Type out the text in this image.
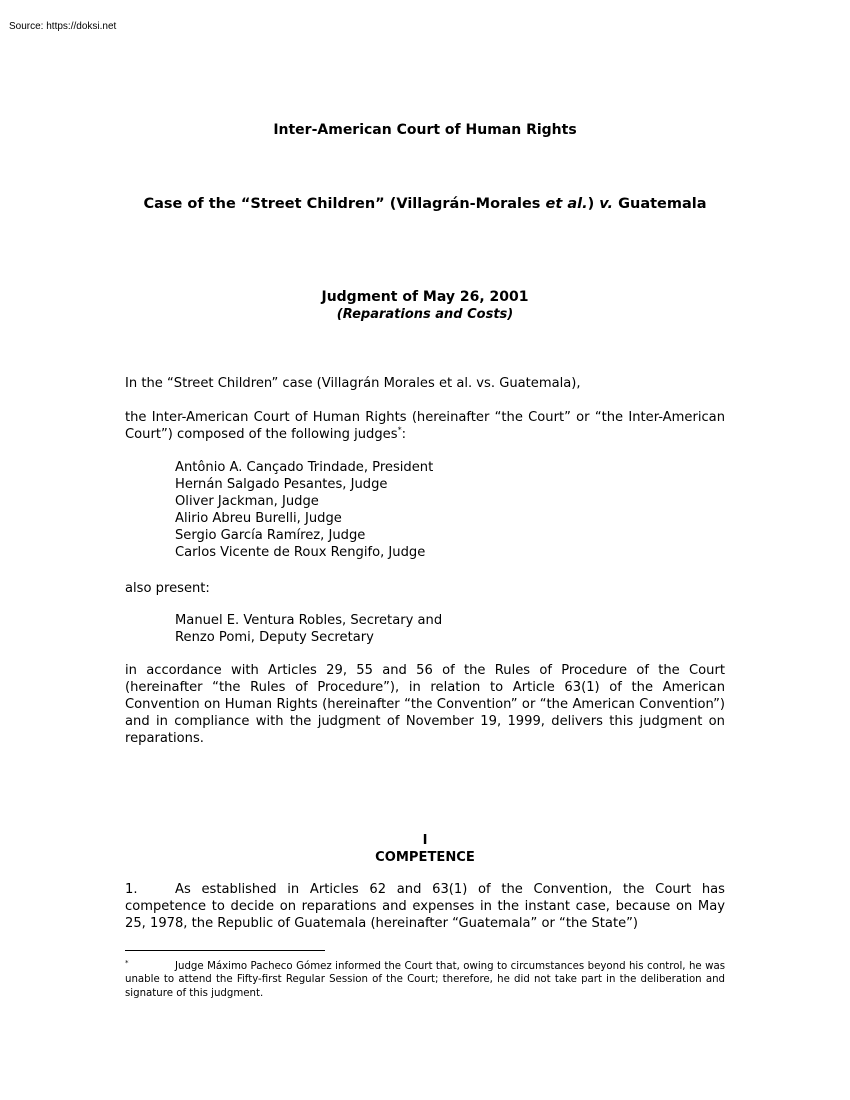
Source: https://doksi.net
Inter-American Court of Human Rights
Case of the “Street Children” (Villagrán-Morales et al.) v. Guatemala
Judgment of May 26, 2001
(Reparations and Costs)
In the “Street Children” case (Villagrán Morales et al. vs. Guatemala),
the Inter-American Court of Human Rights (hereinafter “the Court” or “the Inter-American Court”) composed of the following judges*:
Antônio A. Cançado Trindade, President
Hernán Salgado Pesantes, Judge
Oliver Jackman, Judge
Alirio Abreu Burelli, Judge
Sergio García Ramírez, Judge
Carlos Vicente de Roux Rengifo, Judge
also present:
Manuel E. Ventura Robles, Secretary and
Renzo Pomi, Deputy Secretary
in accordance with Articles 29, 55 and 56 of the Rules of Procedure of the Court (hereinafter “the Rules of Procedure”), in relation to Article 63(1) of the American Convention on Human Rights (hereinafter “the Convention” or “the American Convention”) and in compliance with the judgment of November 19, 1999, delivers this judgment on reparations.
I
COMPETENCE
1.	As established in Articles 62 and 63(1) of the Convention, the Court has competence to decide on reparations and expenses in the instant case, because on May 25, 1978, the Republic of Guatemala (hereinafter “Guatemala” or “the State”)
*	Judge Máximo Pacheco Gómez informed the Court that, owing to circumstances beyond his control, he was unable to attend the Fifty-first Regular Session of the Court; therefore, he did not take part in the deliberation and signature of this judgment.
